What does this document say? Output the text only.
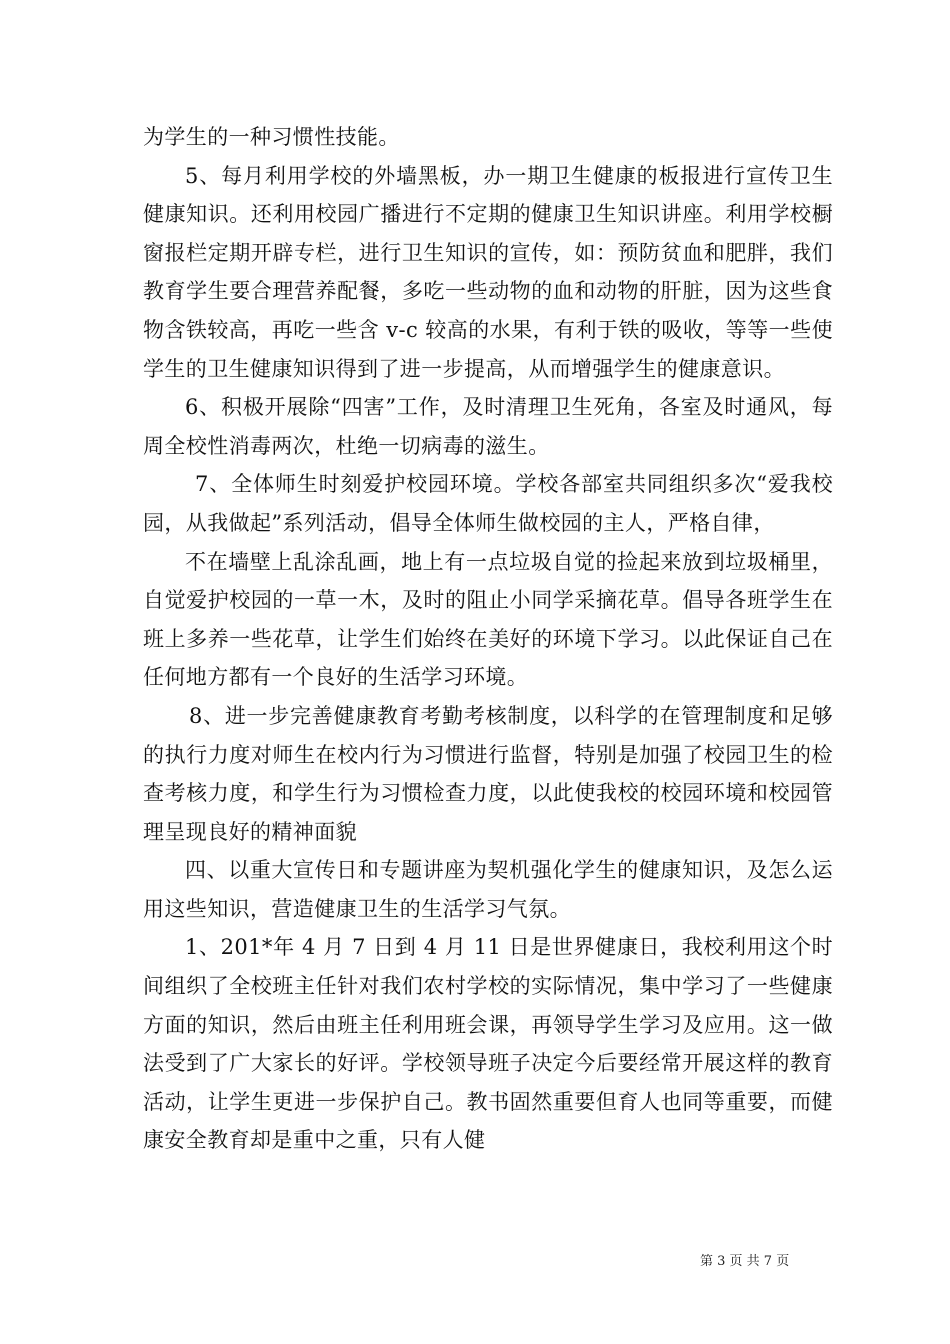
为学生的一种习惯性技能。

5、每月利用学校的外墙黑板，办一期卫生健康的板报进行宣传卫生健康知识。还利用校园广播进行不定期的健康卫生知识讲座。利用学校橱窗报栏定期开辟专栏，进行卫生知识的宣传，如：预防贫血和肥胖，我们教育学生要合理营养配餐，多吃一些动物的血和动物的肝脏，因为这些食物含铁较高，再吃一些含 v-c 较高的水果，有利于铁的吸收，等等一些使学生的卫生健康知识得到了进一步提高，从而增强学生的健康意识。

6、积极开展除“四害”工作，及时清理卫生死角，各室及时通风，每周全校性消毒两次，杜绝一切病毒的滋生。

7、全体师生时刻爱护校园环境。学校各部室共同组织多次“爱我校园，从我做起”系列活动，倡导全体师生做校园的主人，严格自律，

不在墙壁上乱涂乱画，地上有一点垃圾自觉的捡起来放到垃圾桶里，自觉爱护校园的一草一木，及时的阻止小同学采摘花草。倡导各班学生在班上多养一些花草，让学生们始终在美好的环境下学习。以此保证自己在任何地方都有一个良好的生活学习环境。

8、进一步完善健康教育考勤考核制度，以科学的在管理制度和足够的执行力度对师生在校内行为习惯进行监督，特别是加强了校园卫生的检查考核力度，和学生行为习惯检查力度，以此使我校的校园环境和校园管理呈现良好的精神面貌

四、以重大宣传日和专题讲座为契机强化学生的健康知识，及怎么运用这些知识，营造健康卫生的生活学习气氛。

1、201*年 4 月 7 日到 4 月 11 日是世界健康日，我校利用这个时间组织了全校班主任针对我们农村学校的实际情况，集中学习了一些健康方面的知识，然后由班主任利用班会课，再领导学生学习及应用。这一做法受到了广大家长的好评。学校领导班子决定今后要经常开展这样的教育活动，让学生更进一步保护自己。教书固然重要但育人也同等重要，而健康安全教育却是重中之重，只有人健

第 3 页 共 7 页
